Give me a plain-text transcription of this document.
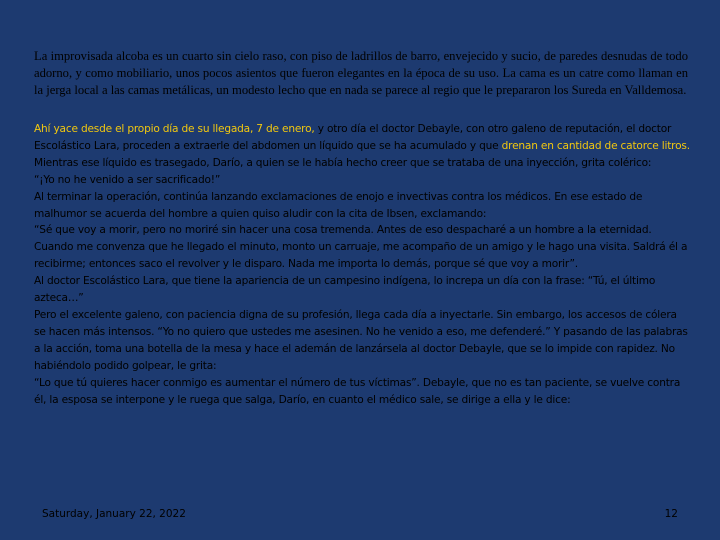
La improvisada alcoba es un cuarto sin cielo raso, con piso de ladrillos de barro, envejecido y sucio, de paredes desnudas de todo adorno, y como mobiliario, unos pocos asientos que fueron elegantes en la época de su uso. La cama es un catre como llaman en la jerga local a las camas metálicas, un modesto lecho que en nada se parece al regio que le prepararon los Sureda en Valldemosa.

Ahí yace desde el propio día de su llegada, 7 de enero, y otro día el doctor Debayle, con otro galeno de reputación, el doctor Escolástico Lara, proceden a extraerle del abdomen un líquido que se ha acumulado y que drenan en cantidad de catorce litros. Mientras ese líquido es trasegado, Darío, a quien se le había hecho creer que se trataba de una inyección, grita colérico:

“¡Yo no he venido a ser sacrificado!”

Al terminar la operación, continúa lanzando exclamaciones de enojo e invectivas contra los médicos. En ese estado de malhumor se acuerda del hombre a quien quiso aludir con la cita de Ibsen, exclamando:

“Sé que voy a morir, pero no moriré sin hacer una cosa tremenda. Antes de eso despacharé a un hombre a la eternidad. Cuando me convenza que he llegado el minuto, monto un carruaje, me acompaño de un amigo y le hago una visita. Saldrá él a recibirme; entonces saco el revolver y le disparo. Nada me importa lo demás, porque sé que voy a morir”.

Al doctor Escolástico Lara, que tiene la apariencia de un campesino indígena, lo increpa un día con la frase: “Tú, el último azteca…”

Pero el excelente galeno, con paciencia digna de su profesión, llega cada día a inyectarle. Sin embargo, los accesos de cólera se hacen más intensos. “Yo no quiero que ustedes me asesinen. No he venido a eso, me defenderé.” Y pasando de las palabras a la acción, toma una botella de la mesa y hace el ademán de lanzársela al doctor Debayle, que se lo impide con rapidez. No habiéndolo podido golpear, le grita:

“Lo que tú quieres hacer conmigo es aumentar el número de tus víctimas”. Debayle, que no es tan paciente, se vuelve contra él, la esposa se interpone y le ruega que salga, Darío, en cuanto el médico sale, se dirige a ella y le dice:

Saturday, January 22, 2022	12
